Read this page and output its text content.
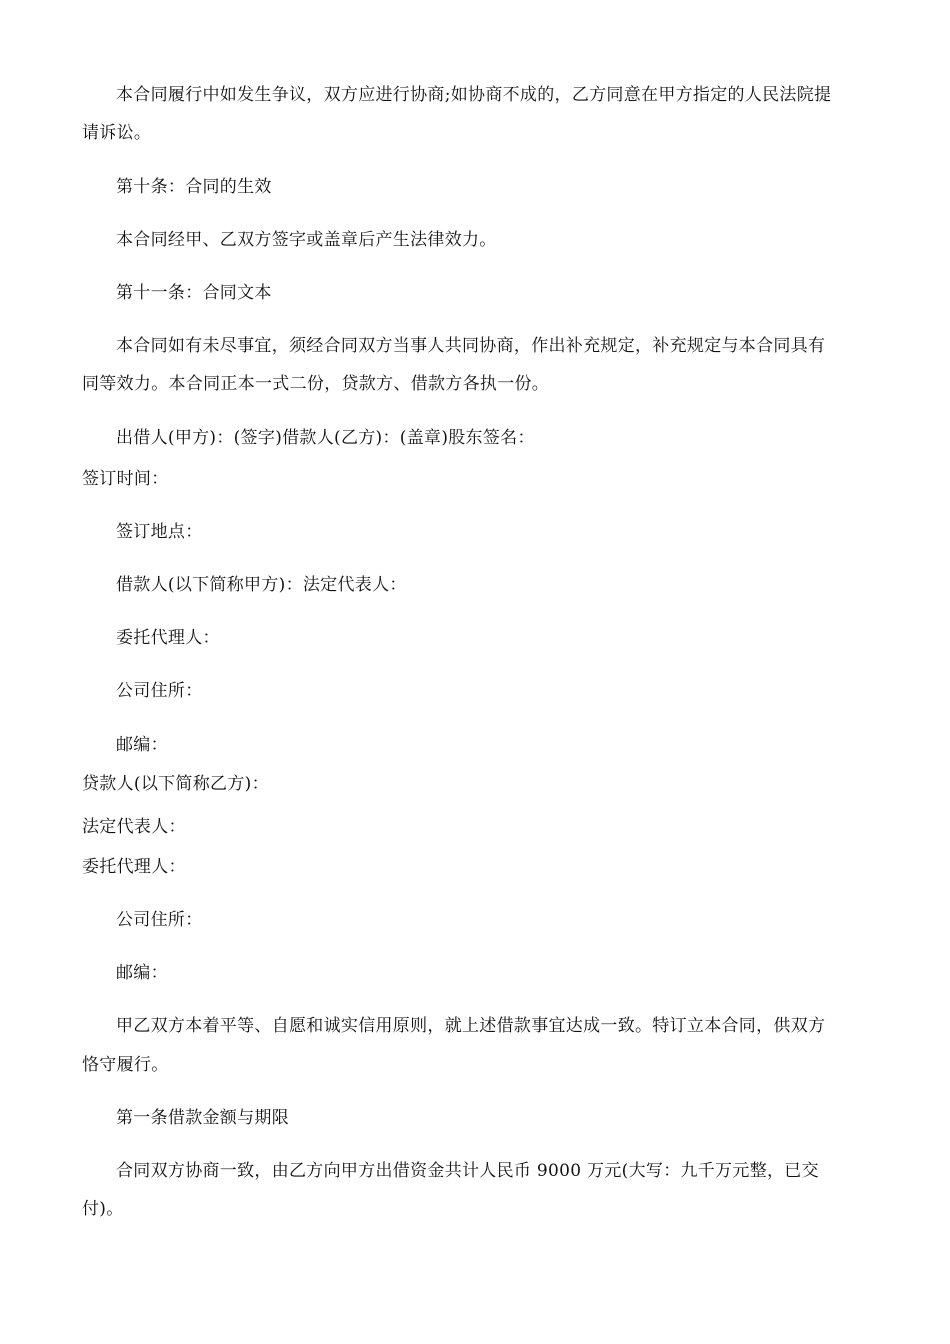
本合同履行中如发生争议，双方应进行协商;如协商不成的，乙方同意在甲方指定的人民法院提
请诉讼。
第十条：合同的生效
本合同经甲、乙双方签字或盖章后产生法律效力。
第十一条：合同文本
本合同如有未尽事宜，须经合同双方当事人共同协商，作出补充规定，补充规定与本合同具有
同等效力。本合同正本一式二份，贷款方、借款方各执一份。
出借人(甲方)：(签字)借款人(乙方)：(盖章)股东签名：
签订时间：
签订地点：
借款人(以下简称甲方)：法定代表人：
委托代理人：
公司住所：
邮编：
贷款人(以下简称乙方)：
法定代表人：
委托代理人：
公司住所：
邮编：
甲乙双方本着平等、自愿和诚实信用原则，就上述借款事宜达成一致。特订立本合同，供双方
恪守履行。
第一条借款金额与期限
合同双方协商一致，由乙方向甲方出借资金共计人民币 9000 万元(大写：九千万元整，已交
付)。
